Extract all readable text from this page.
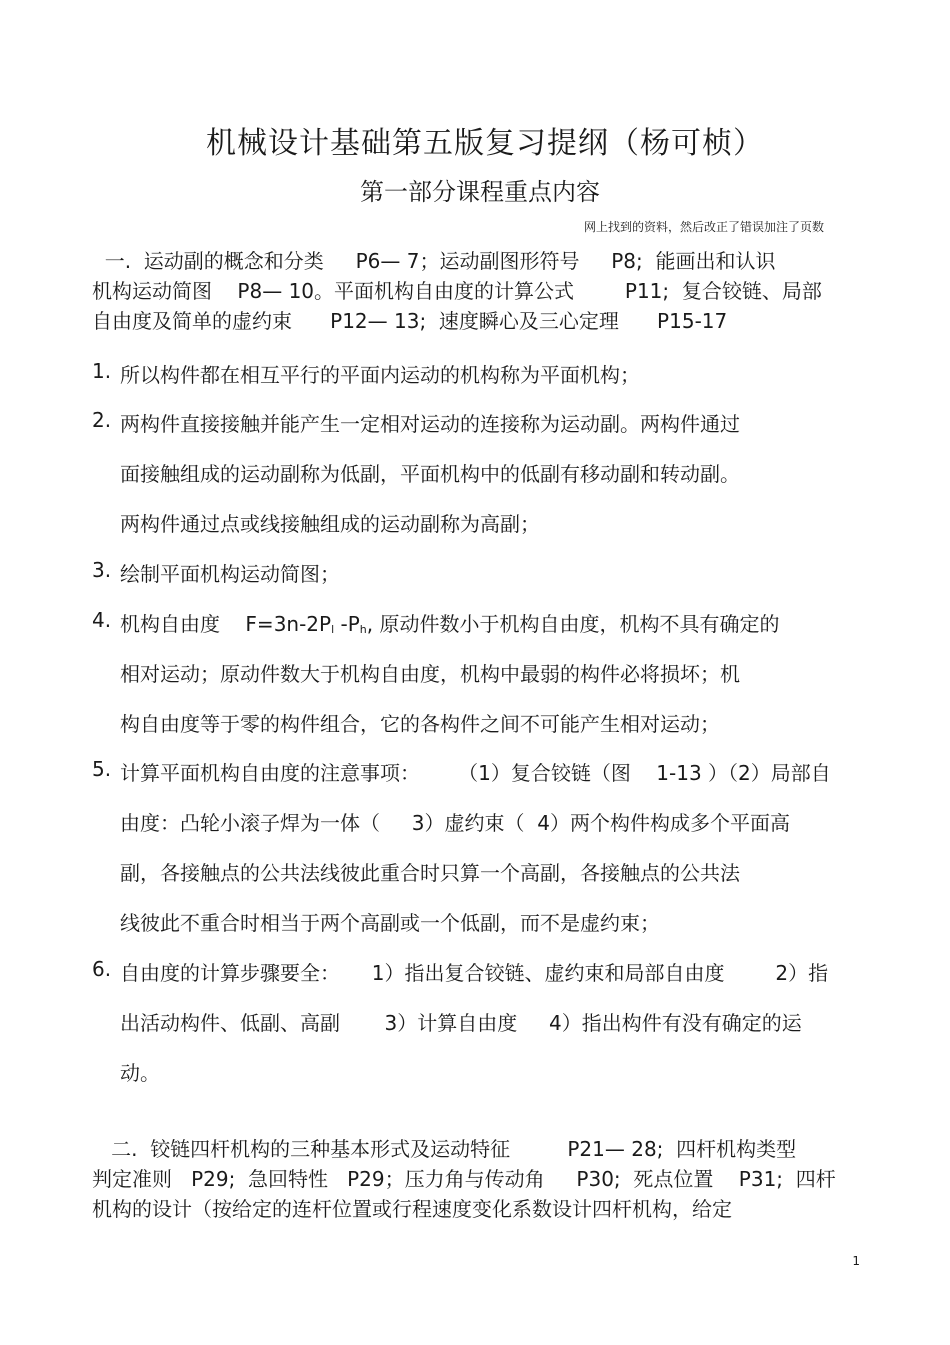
机械设计基础第五版复习提纲（杨可桢）
第一部分课程重点内容
网上找到的资料，然后改正了错误加注了页数
一.  运动副的概念和分类     P6— 7；运动副图形符号     P8;  能画出和认识
机构运动简图    P8— 10。平面机构自由度的计算公式        P11;  复合铰链、局部
自由度及简单的虚约束      P12— 13;  速度瞬心及三心定理      P15-17
1. 所以构件都在相互平行的平面内运动的机构称为平面机构；
2. 两构件直接接触并能产生一定相对运动的连接称为运动副。两构件通过
面接触组成的运动副称为低副，平面机构中的低副有移动副和转动副。
两构件通过点或线接触组成的运动副称为高副；
3. 绘制平面机构运动简图；
4. 机构自由度    $F=3n-2P_l$ $-P_h$, 原动件数小于机构自由度，机构不具有确定的
相对运动；原动件数大于机构自由度，机构中最弱的构件必将损坏；机
构自由度等于零的构件组合，它的各构件之间不可能产生相对运动；
5. 计算平面机构自由度的注意事项：      （1）复合铰链（图    1-13 ）（2）局部自
由度：凸轮小滚子焊为一体（     3）虚约束（  4）两个构件构成多个平面高
副，各接触点的公共法线彼此重合时只算一个高副，各接触点的公共法
线彼此不重合时相当于两个高副或一个低副，而不是虚约束；
6. 自由度的计算步骤要全：     1）指出复合铰链、虚约束和局部自由度        2）指
出活动构件、低副、高副       3）计算自由度     4）指出构件有没有确定的运
动。
二.  铰链四杆机构的三种基本形式及运动特征         P21— 28;  四杆机构类型
判定准则   P29;  急回特性   P29；压力角与传动角     P30;  死点位置    P31;  四杆
机构的设计（按给定的连杆位置或行程速度变化系数设计四杆机构，给定
1
